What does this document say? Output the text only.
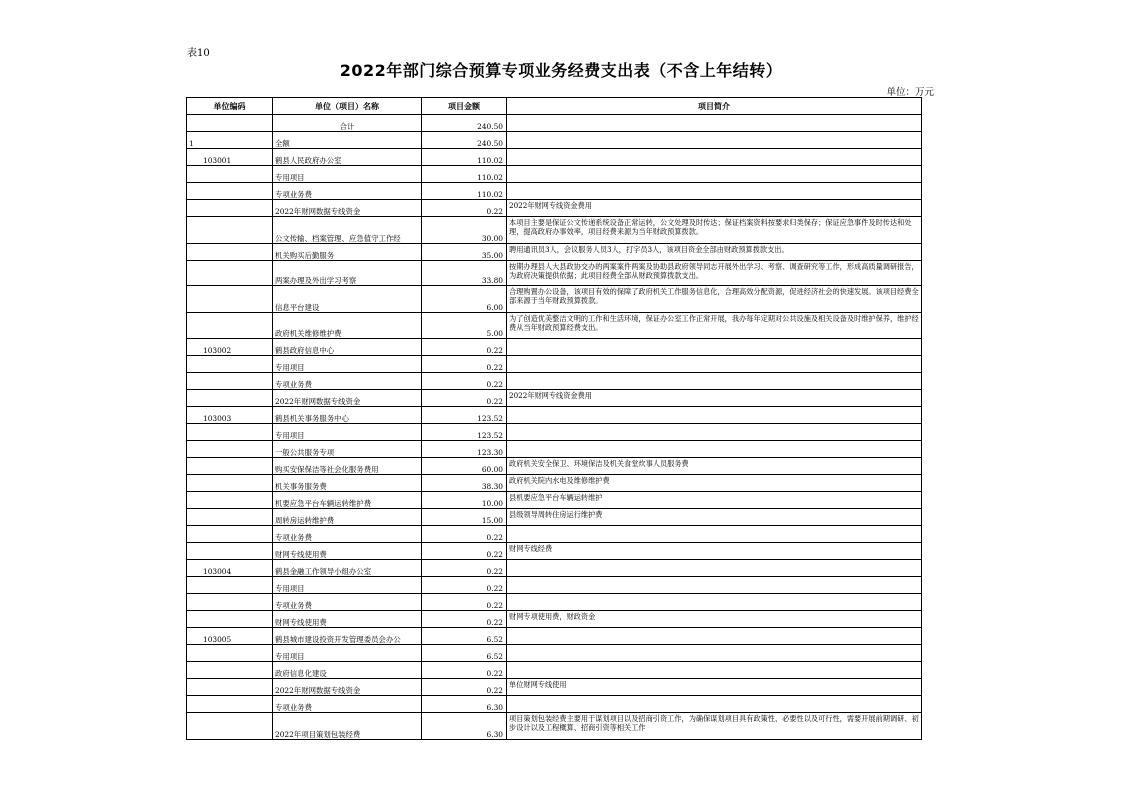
表10
2022年部门综合预算专项业务经费支出表（不含上年结转）
单位：万元
单位编码	单位（项目）名称	项目金额	项目简介
	合计	240.50	
1	全额	240.50	
103001	鹤县人民政府办公室	110.02	
	专用项目	110.02	
	专项业务费	110.02	
	2022年财网数据专线资金	0.22	2022年财网专线资金费用
	公文传输、档案管理、应急值守工作经	30.00	本项目主要是保证公文传递系统设备正常运转，公文处理及时传达；保证档案资料按要求归类保存；保证应急事件及时传达和处理，提高政府办事效率，项目经费来源为当年财政预算拨款。
	机关购买后勤服务	35.00	聘用通讯员3人，会议服务人员3人，打字员3人，该项目资金全部由财政预算拨款支出。
	两案办理及外出学习考察	33.80	按期办理县人大县政协交办的两案案件两案及协助县政府领导同志开展外出学习、考察、调查研究等工作，形成高质量调研报告，为政府决策提供依据；此项目经费全部从财政预算拨款支出。
	信息平台建设	6.00	合理购置办公设备，该项目有效的保障了政府机关工作服务信息化，合理高效分配资源，促进经济社会的快速发展。该项目经费全部来源于当年财政预算拨款。
	政府机关维修维护费	5.00	为了创造优美整洁文明的工作和生活环境，保证办公室工作正常开展，我办每年定期对公共设施及相关设备及时维护保养，维护经费从当年财政预算经费支出。
103002	鹤县政府信息中心	0.22	
	专用项目	0.22	
	专项业务费	0.22	
	2022年财网数据专线资金	0.22	2022年财网专线资金费用
103003	鹤县机关事务服务中心	123.52	
	专用项目	123.52	
	一般公共服务专项	123.30	
	购买安保保洁等社会化服务费用	60.00	政府机关安全保卫、环境保洁及机关食堂炊事人员服务费
	机关事务服务费	38.30	政府机关院内水电及维修维护费
	机要应急平台车辆运转维护费	10.00	县机要应急平台车辆运转维护
	周转房运转维护费	15.00	县级领导周转住房运行维护费
	专项业务费	0.22	
	财网专线使用费	0.22	财网专线经费
103004	鹤县金融工作领导小组办公室	0.22	
	专用项目	0.22	
	专项业务费	0.22	
	财网专线使用费	0.22	财网专项使用费，财政资金
103005	鹤县城市建设投资开发管理委员会办公	6.52	
	专用项目	6.52	
	政府信息化建设	0.22	
	2022年财网数据专线资金	0.22	单位财网专线使用
	专项业务费	6.30	
	2022年项目策划包装经费	6.30	项目策划包装经费主要用于谋划项目以及招商引资工作，为确保谋划项目具有政策性、必要性以及可行性，需要开展前期调研、初步设计以及工程概算、招商引资等相关工作
